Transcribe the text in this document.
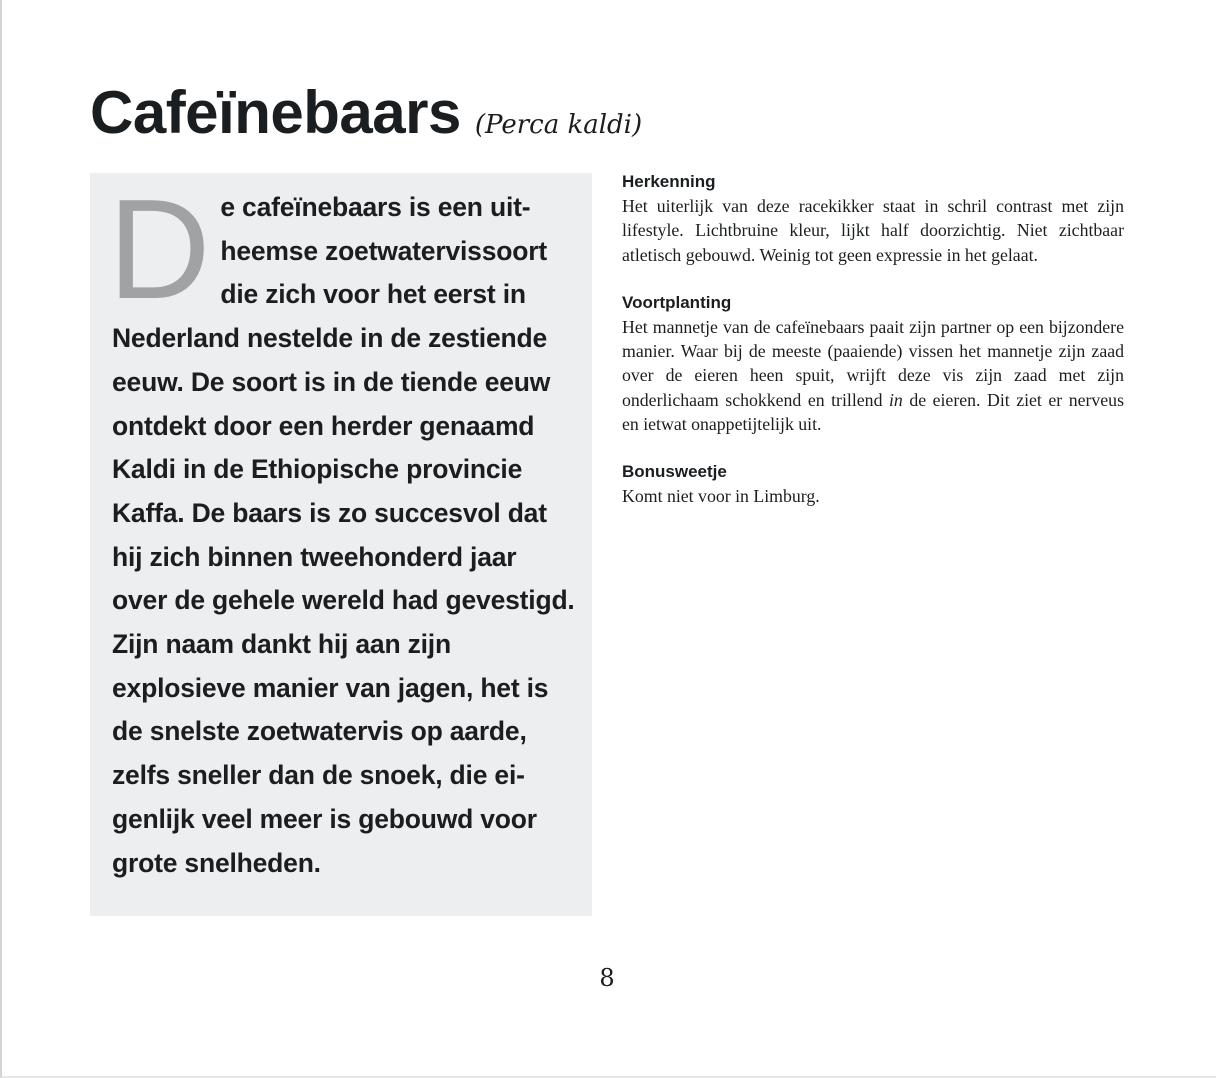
Cafeïnebaars (Perca kaldi)

De cafeïnebaars is een uitheemse zoetwatervissoort die zich voor het eerst in Nederland nestelde in de zestiende eeuw. De soort is in de tiende eeuw ontdekt door een herder genaamd Kaldi in de Ethiopische provincie Kaffa. De baars is zo succesvol dat hij zich binnen tweehonderd jaar over de gehele wereld had gevestigd. Zijn naam dankt hij aan zijn explosieve manier van jagen, het is de snelste zoetwatervis op aarde, zelfs sneller dan de snoek, die eigenlijk veel meer is gebouwd voor grote snelheden.

Herkenning

Het uiterlijk van deze racekikker staat in schril contrast met zijn lifestyle. Lichtbruine kleur, lijkt half doorzichtig. Niet zichtbaar atletisch gebouwd. Weinig tot geen expressie in het gelaat.

Voortplanting

Het mannetje van de cafeïnebaars paait zijn partner op een bijzondere manier. Waar bij de meeste (paaiende) vissen het mannetje zijn zaad over de eieren heen spuit, wrijft deze vis zijn zaad met zijn onderlichaam schokkend en trillend in de eieren. Dit ziet er nerveus en ietwat onappetijtelijk uit.

Bonusweetje

Komt niet voor in Limburg.

8
